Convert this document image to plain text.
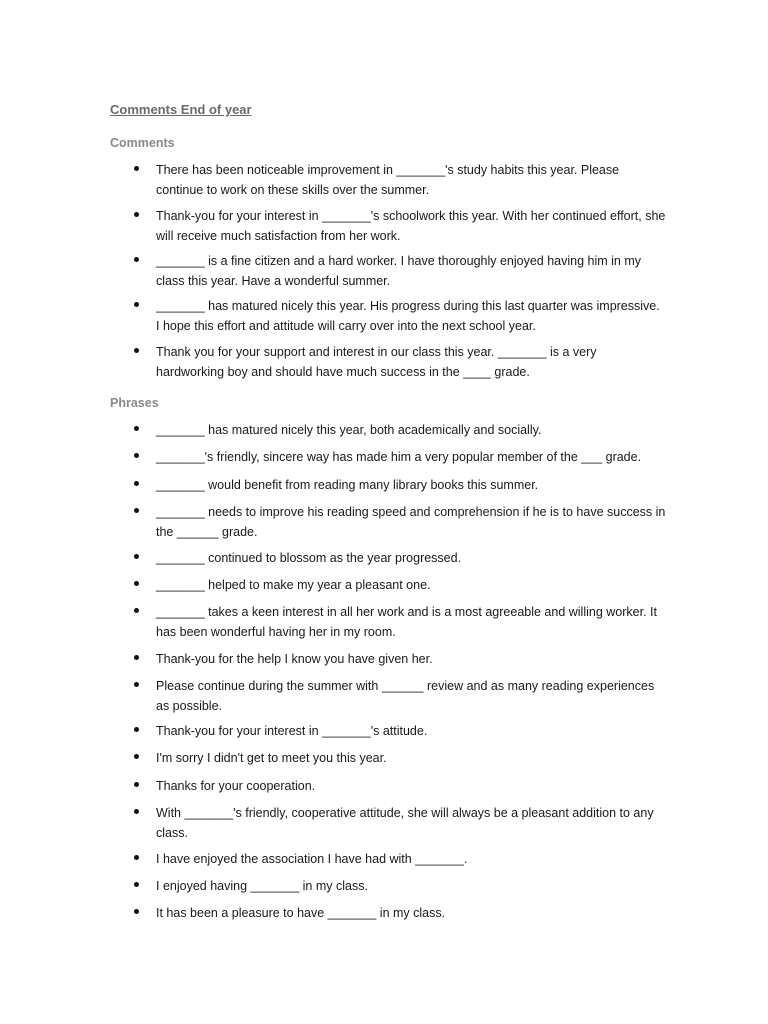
Comments End of year
Comments

There has been noticeable improvement in _______'s study habits this year. Please continue to work on these skills over the summer.

Thank-you for your interest in _______'s schoolwork this year. With her continued effort, she will receive much satisfaction from her work.

_______ is a fine citizen and a hard worker. I have thoroughly enjoyed having him in my class this year. Have a wonderful summer.

_______ has matured nicely this year. His progress during this last quarter was impressive. I hope this effort and attitude will carry over into the next school year.

Thank you for your support and interest in our class this year. _______ is a very hardworking boy and should have much success in the ____ grade.

Phrases

_______ has matured nicely this year, both academically and socially.

_______'s friendly, sincere way has made him a very popular member of the ___ grade.

_______ would benefit from reading many library books this summer.

_______ needs to improve his reading speed and comprehension if he is to have success in the ______ grade.

_______ continued to blossom as the year progressed.

_______ helped to make my year a pleasant one.

_______ takes a keen interest in all her work and is a most agreeable and willing worker. It has been wonderful having her in my room.

Thank-you for the help I know you have given her.

Please continue during the summer with ______ review and as many reading experiences as possible.

Thank-you for your interest in _______'s attitude.

I'm sorry I didn't get to meet you this year.

Thanks for your cooperation.

With _______'s friendly, cooperative attitude, she will always be a pleasant addition to any class.

I have enjoyed the association I have had with _______.

I enjoyed having _______ in my class.

It has been a pleasure to have _______ in my class.
